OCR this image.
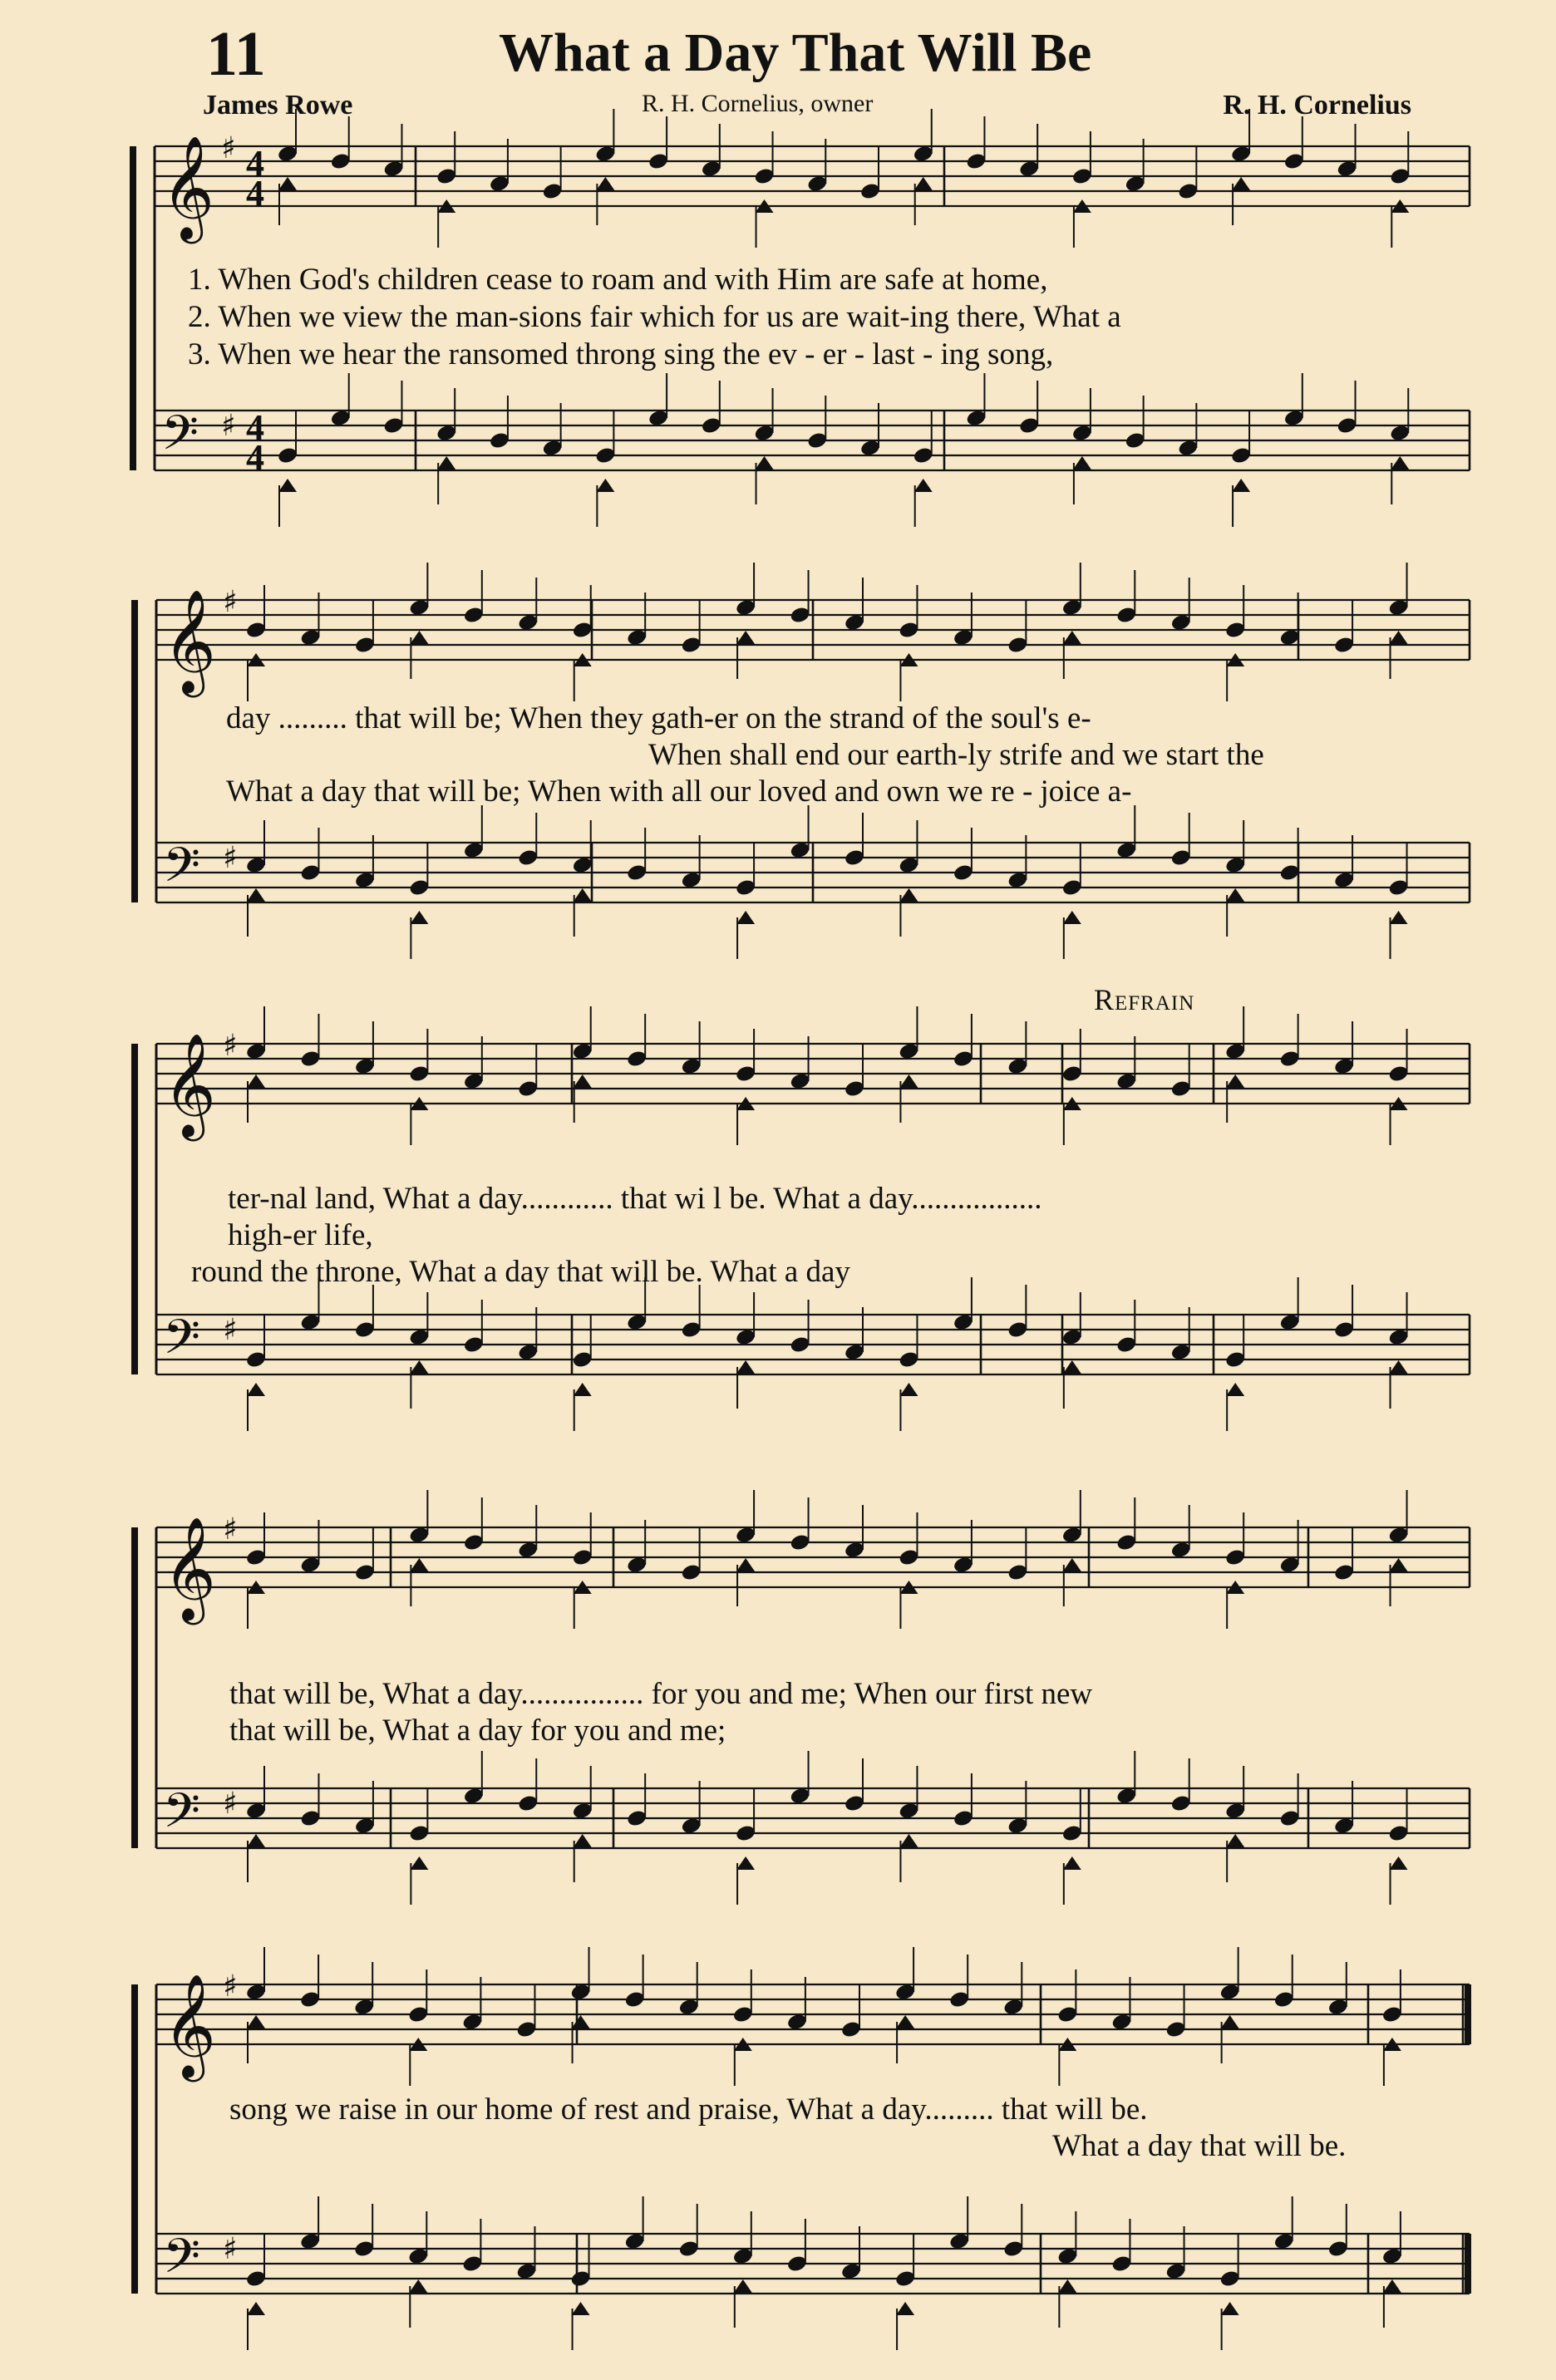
11	What a Day That Will Be
James Rowe	R. H. Cornelius, owner	R. H. Cornelius
Refrain
𝄞 ♯ 4
4
𝄢 ♯ 4
4
𝄞 ♯
𝄢 ♯
𝄞 ♯
𝄢 ♯
𝄞 ♯
𝄢 ♯
𝄞 ♯
𝄢 ♯
1. When God's children cease to roam and with Him are safe at home,
2. When we view the man-sions fair which for us are wait-ing there, What a
3. When we hear the ransomed throng sing the ev - er - last - ing song,
day ......... that will be; When they gath-er on the strand of the soul's e-
When shall end our earth-ly strife and we start the
What a day that will be; When with all our loved and own we re - joice a-
ter-nal land, What a day............ that wi l be. What a day.................
high-er life,
round the throne, What a day that will be. What a day
that will be, What a day................ for you and me; When our first new
that will be, What a day for you and me;
song we raise in our home of rest and praise, What a day......... that will be.
What a day that will be.
